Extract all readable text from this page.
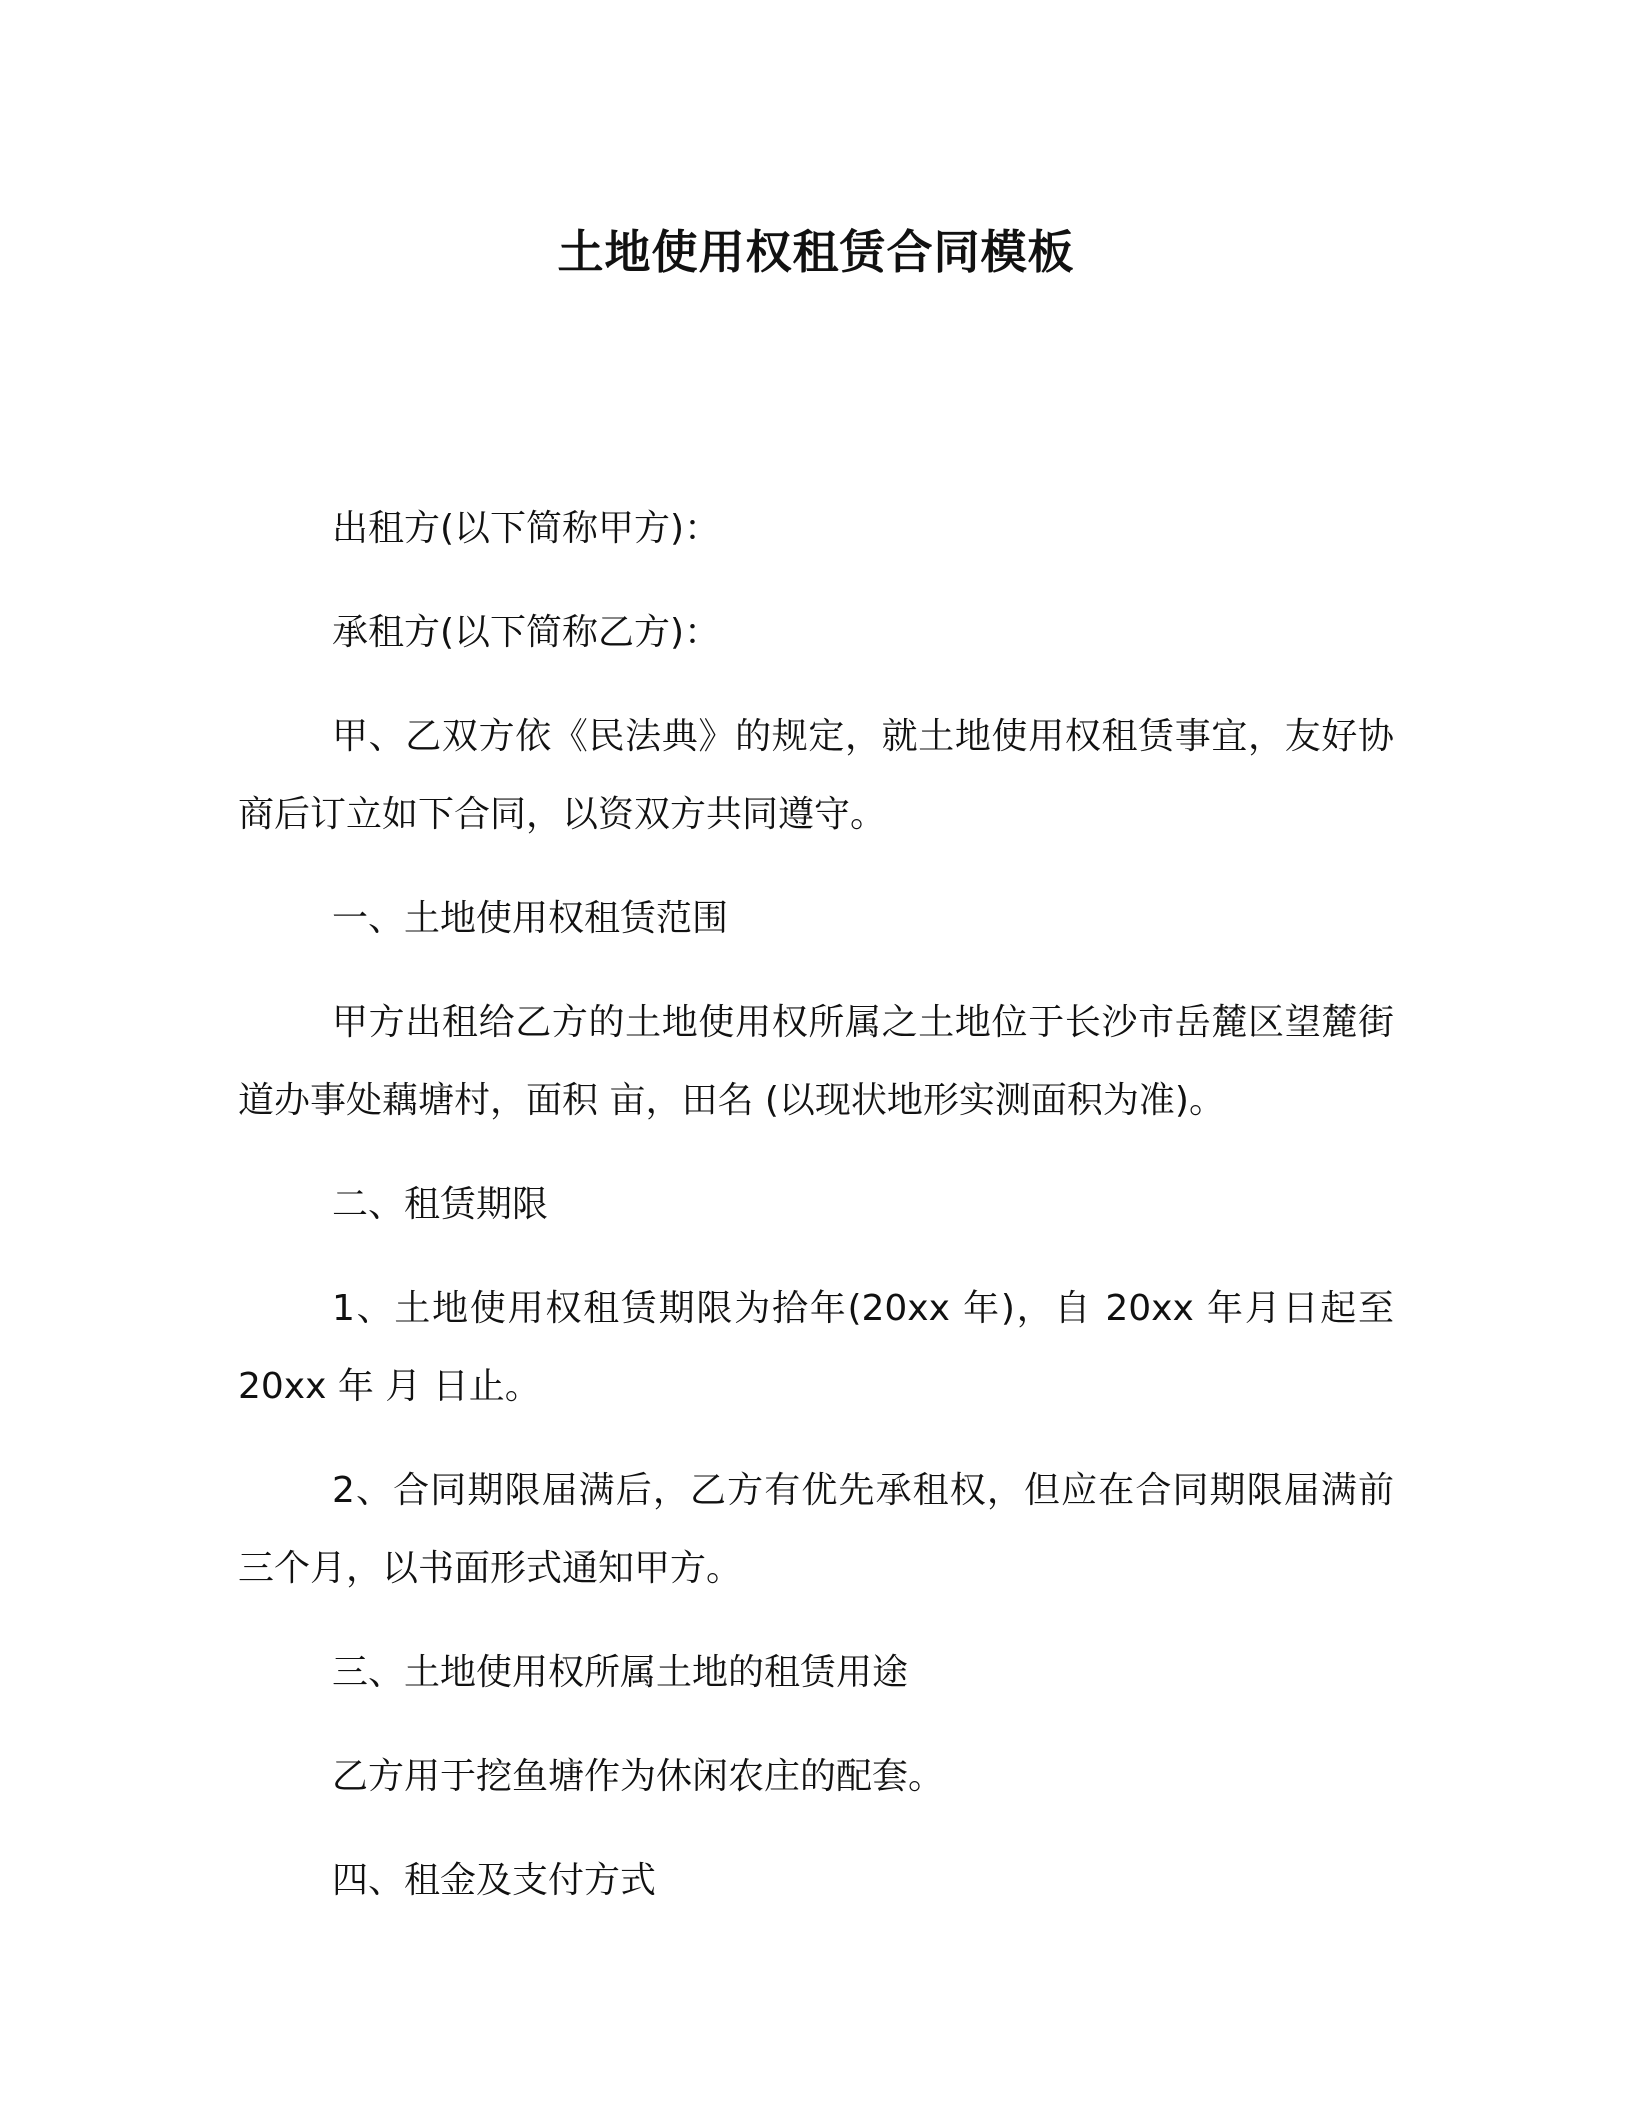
土地使用权租赁合同模板

出租方(以下简称甲方)：

承租方(以下简称乙方)：

甲、乙双方依《民法典》的规定，就土地使用权租赁事宜，友好协商后订立如下合同，以资双方共同遵守。

一、土地使用权租赁范围

甲方出租给乙方的土地使用权所属之土地位于长沙市岳麓区望麓街道办事处藕塘村，面积 亩，田名 (以现状地形实测面积为准)。

二、租赁期限

1、土地使用权租赁期限为拾年(20xx 年)，自 20xx 年月日起至 20xx 年 月 日止。

2、合同期限届满后，乙方有优先承租权，但应在合同期限届满前三个月，以书面形式通知甲方。

三、土地使用权所属土地的租赁用途

乙方用于挖鱼塘作为休闲农庄的配套。

四、租金及支付方式
